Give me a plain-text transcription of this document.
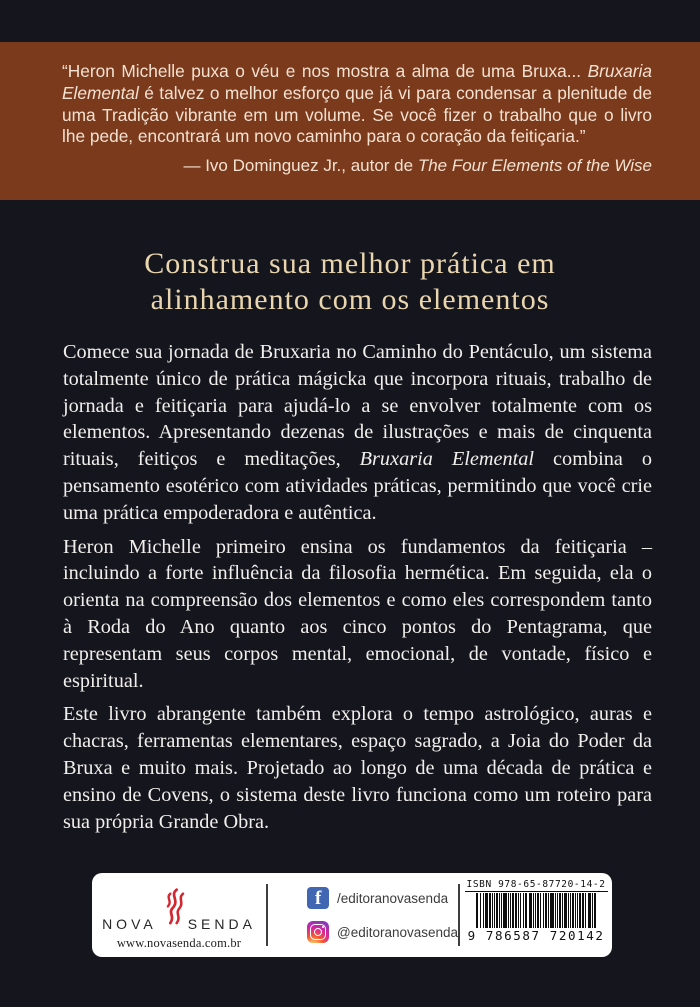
“Heron Michelle puxa o véu e nos mostra a alma de uma Bruxa... Bruxaria Elemental é talvez o melhor esforço que já vi para condensar a plenitude de uma Tradição vibrante em um volume. Se você fizer o trabalho que o livro lhe pede, encontrará um novo caminho para o coração da feitiçaria.”
— Ivo Dominguez Jr., autor de The Four Elements of the Wise
Construa sua melhor prática em
alinhamento com os elementos

Comece sua jornada de Bruxaria no Caminho do Pentáculo, um sistema totalmente único de prática mágicka que incorpora rituais, trabalho de jornada e feitiçaria para ajudá-lo a se envolver totalmente com os elementos. Apresentando dezenas de ilustrações e mais de cinquenta rituais, feitiços e meditações, Bruxaria Elemental combina o pensamento esotérico com atividades práticas, permitindo que você crie uma prática empoderadora e autêntica.

Heron Michelle primeiro ensina os fundamentos da feitiçaria – incluindo a forte influência da filosofia hermética. Em seguida, ela o orienta na compreensão dos elementos e como eles correspondem tanto à Roda do Ano quanto aos cinco pontos do Pentagrama, que representam seus corpos mental, emocional, de vontade, físico e espiritual.

Este livro abrangente também explora o tempo astrológico, auras e chacras, ferramentas elementares, espaço sagrado, a Joia do Poder da Bruxa e muito mais. Projetado ao longo de uma década de prática e ensino de Covens, o sistema deste livro funciona como um roteiro para sua própria Grande Obra.

NOVA SENDA
www.novasenda.com.br
f /editoranovasenda
@editoranovasenda
ISBN 978-65-87720-14-2
9 786587 720142
